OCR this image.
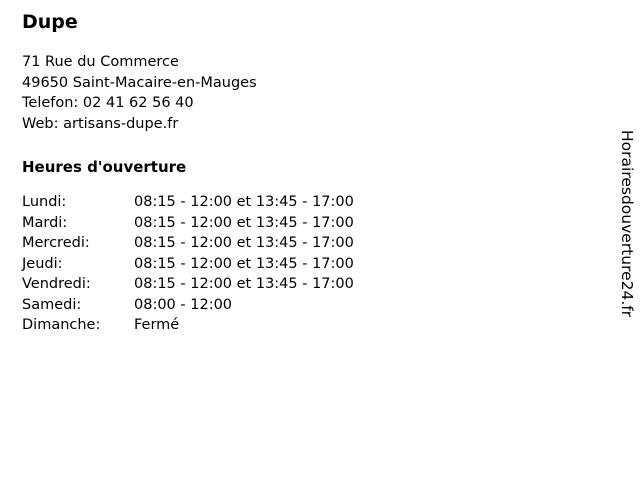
Dupe
71 Rue du Commerce
49650 Saint-Macaire-en-Mauges
Telefon: 02 41 62 56 40
Web: artisans-dupe.fr
Heures d'ouverture
Lundi:	08:15 - 12:00 et 13:45 - 17:00
Mardi:	08:15 - 12:00 et 13:45 - 17:00
Mercredi:	08:15 - 12:00 et 13:45 - 17:00
Jeudi:	08:15 - 12:00 et 13:45 - 17:00
Vendredi:	08:15 - 12:00 et 13:45 - 17:00
Samedi:	08:00 - 12:00
Dimanche:	Fermé
Horairesdouverture24.fr
